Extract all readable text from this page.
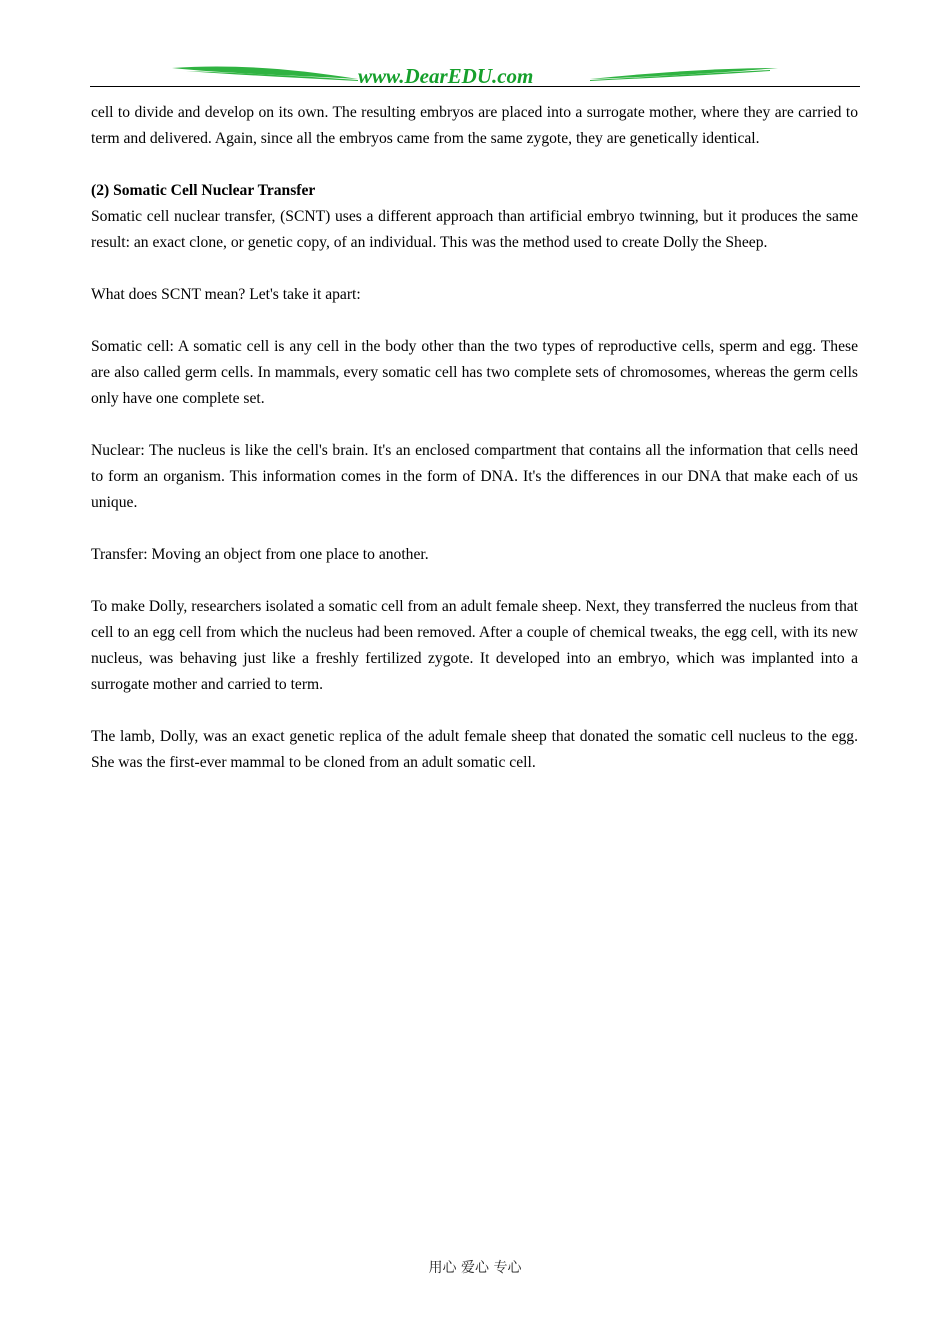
www.DearEDU.com

cell to divide and develop on its own. The resulting embryos are placed into a surrogate mother, where they are carried to term and delivered. Again, since all the embryos came from the same zygote, they are genetically identical.

(2) Somatic Cell Nuclear Transfer

Somatic cell nuclear transfer, (SCNT) uses a different approach than artificial embryo twinning, but it produces the same result: an exact clone, or genetic copy, of an individual. This was the method used to create Dolly the Sheep.

What does SCNT mean? Let's take it apart:

Somatic cell: A somatic cell is any cell in the body other than the two types of reproductive cells, sperm and egg. These are also called germ cells. In mammals, every somatic cell has two complete sets of chromosomes, whereas the germ cells only have one complete set.

Nuclear: The nucleus is like the cell's brain. It's an enclosed compartment that contains all the information that cells need to form an organism. This information comes in the form of DNA. It's the differences in our DNA that make each of us unique.

Transfer: Moving an object from one place to another.

To make Dolly, researchers isolated a somatic cell from an adult female sheep. Next, they transferred the nucleus from that cell to an egg cell from which the nucleus had been removed. After a couple of chemical tweaks, the egg cell, with its new nucleus, was behaving just like a freshly fertilized zygote. It developed into an embryo, which was implanted into a surrogate mother and carried to term.

The lamb, Dolly, was an exact genetic replica of the adult female sheep that donated the somatic cell nucleus to the egg. She was the first-ever mammal to be cloned from an adult somatic cell.

用心 爱心 专心
